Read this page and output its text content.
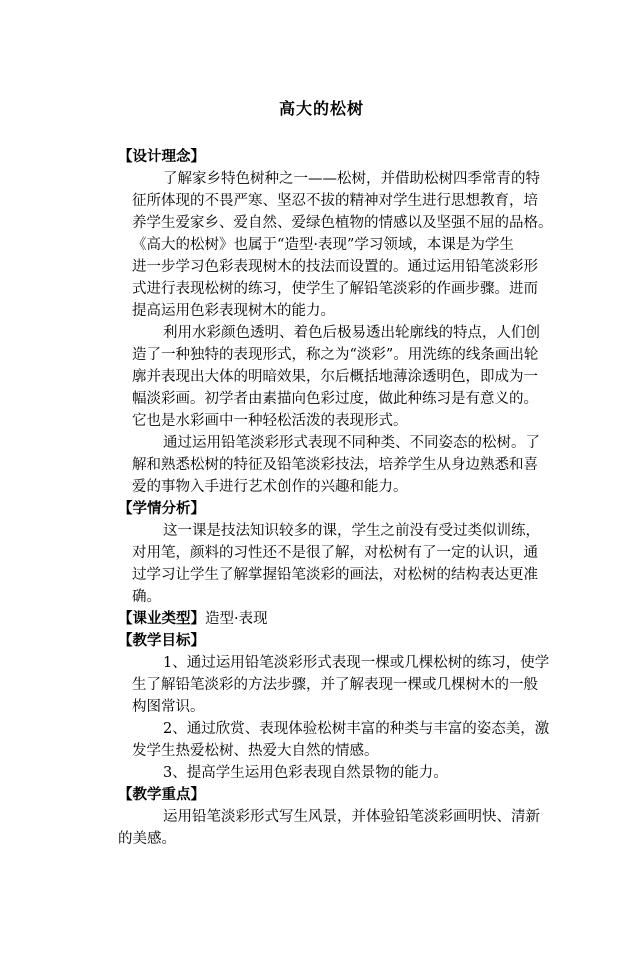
高大的松树
【设计理念】
了解家乡特色树种之一——松树，并借助松树四季常青的特
征所体现的不畏严寒、坚忍不拔的精神对学生进行思想教育，培
养学生爱家乡、爱自然、爱绿色植物的情感以及坚强不屈的品格。
《高大的松树》也属于“造型·表现”学习领域，本课是为学生
进一步学习色彩表现树木的技法而设置的。通过运用铅笔淡彩形
式进行表现松树的练习，使学生了解铅笔淡彩的作画步骤。进而
提高运用色彩表现树木的能力。
利用水彩颜色透明、着色后极易透出轮廓线的特点，人们创
造了一种独特的表现形式，称之为“淡彩”。用洗练的线条画出轮
廓并表现出大体的明暗效果，尔后概括地薄涂透明色，即成为一
幅淡彩画。初学者由素描向色彩过度，做此种练习是有意义的。
它也是水彩画中一种轻松活泼的表现形式。
通过运用铅笔淡彩形式表现不同种类、不同姿态的松树。了
解和熟悉松树的特征及铅笔淡彩技法，培养学生从身边熟悉和喜
爱的事物入手进行艺术创作的兴趣和能力。
【学情分析】
这一课是技法知识较多的课，学生之前没有受过类似训练，
对用笔，颜料的习性还不是很了解，对松树有了一定的认识，通
过学习让学生了解掌握铅笔淡彩的画法，对松树的结构表达更准
确。
【课业类型】造型·表现
【教学目标】
1、通过运用铅笔淡彩形式表现一棵或几棵松树的练习，使学
生了解铅笔淡彩的方法步骤，并了解表现一棵或几棵树木的一般
构图常识。
2、通过欣赏、表现体验松树丰富的种类与丰富的姿态美，激
发学生热爱松树、热爱大自然的情感。
3、提高学生运用色彩表现自然景物的能力。
【教学重点】
运用铅笔淡彩形式写生风景，并体验铅笔淡彩画明快、清新
的美感。
